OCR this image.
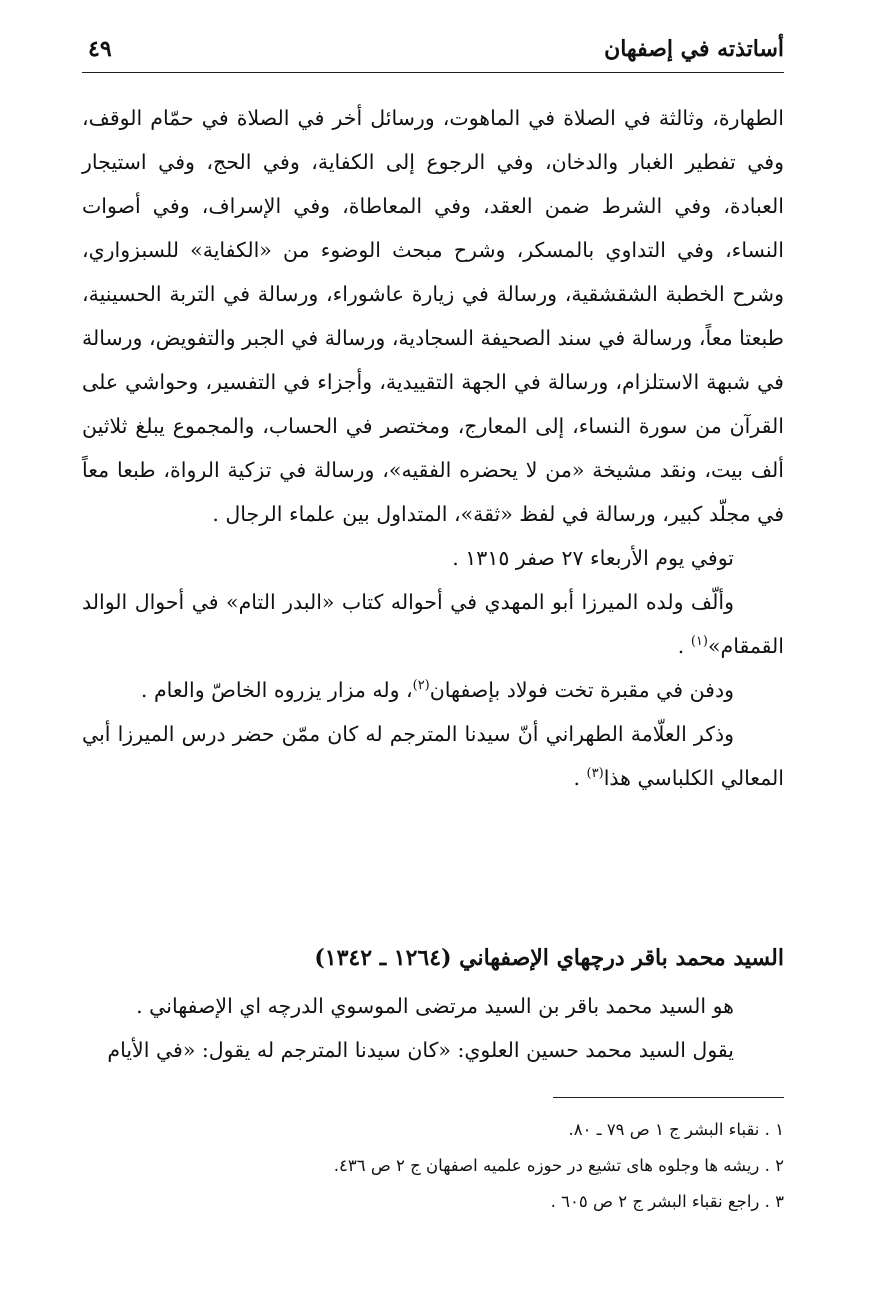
أساتذته في إصفهان
٤٩

الطهارة، وثالثة في الصلاة في الماهوت، ورسائل أخر في الصلاة في حمّام الوقف، وفي تفطير الغبار والدخان، وفي الرجوع إلى الكفاية، وفي الحج، وفي استيجار العبادة، وفي الشرط ضمن العقد، وفي المعاطاة، وفي الإسراف، وفي أصوات النساء، وفي التداوي بالمسكر، وشرح مبحث الوضوء من «الكفاية» للسبزواري، وشرح الخطبة الشقشقية، ورسالة في زيارة عاشوراء، ورسالة في التربة الحسينية، طبعتا معاً، ورسالة في سند الصحيفة السجادية، ورسالة في الجبر والتفويض، ورسالة في شبهة الاستلزام، ورسالة في الجهة التقييدية، وأجزاء في التفسير، وحواشي على القرآن من سورة النساء، إلى المعارج، ومختصر في الحساب، والمجموع يبلغ ثلاثين ألف بيت، ونقد مشيخة «من لا يحضره الفقيه»، ورسالة في تزكية الرواة، طبعا معاً في مجلّد كبير، ورسالة في لفظ «ثقة»، المتداول بين علماء الرجال .

توفي يوم الأربعاء ٢٧ صفر ١٣١٥ .

وألّف ولده الميرزا أبو المهدي في أحواله كتاب «البدر التام» في أحوال الوالد القمقام»$^{(١)}$ .

ودفن في مقبرة تخت فولاد بإصفهان$^{(٢)}$، وله مزار يزروه الخاصّ والعام .

وذكر العلّامة الطهراني أنّ سيدنا المترجم له كان ممّن حضر درس الميرزا أبي المعالي الكلباسي هذا$^{(٣)}$ .

السيد محمد باقر درچهاي الإصفهاني (١٢٦٤ ـ ١٣٤٢)

هو السيد محمد باقر بن السيد مرتضى الموسوي الدرچه اي الإصفهاني .

يقول السيد محمد حسين العلوي: «كان سيدنا المترجم له يقول: «في الأيام

١ . نقباء البشر ج ١ ص ٧٩ ـ ٨٠.
٢ . ريشه ها وجلوه هاى تشيع در حوزه علميه اصفهان ج ٢ ص ٤٣٦.
٣ . راجع نقباء البشر ج ٢ ص ٦٠٥ .
